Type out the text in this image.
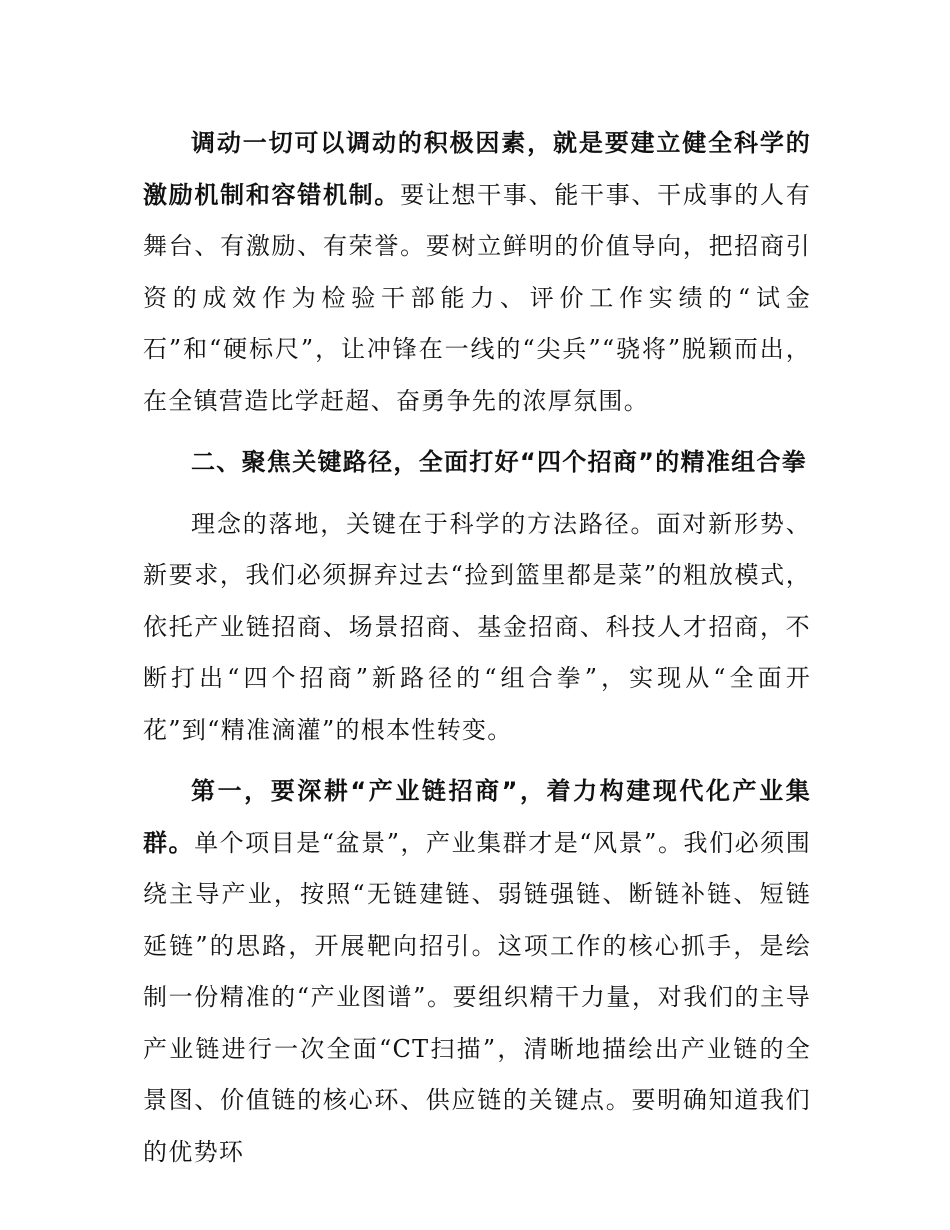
调动一切可以调动的积极因素，就是要建立健全科学的激励机制和容错机制。要让想干事、能干事、干成事的人有舞台、有激励、有荣誉。要树立鲜明的价值导向，把招商引资的成效作为检验干部能力、评价工作实绩的“试金石”和“硬标尺”，让冲锋在一线的“尖兵”“骁将”脱颖而出，在全镇营造比学赶超、奋勇争先的浓厚氛围。

二、聚焦关键路径，全面打好“四个招商”的精准组合拳

理念的落地，关键在于科学的方法路径。面对新形势、新要求，我们必须摒弃过去“捡到篮里都是菜”的粗放模式，依托产业链招商、场景招商、基金招商、科技人才招商，不断打出“四个招商”新路径的“组合拳”，实现从“全面开花”到“精准滴灌”的根本性转变。

第一，要深耕“产业链招商”，着力构建现代化产业集群。单个项目是“盆景”，产业集群才是“风景”。我们必须围绕主导产业，按照“无链建链、弱链强链、断链补链、短链延链”的思路，开展靶向招引。这项工作的核心抓手，是绘制一份精准的“产业图谱”。要组织精干力量，对我们的主导产业链进行一次全面“CT扫描”，清晰地描绘出产业链的全景图、价值链的核心环、供应链的关键点。要明确知道我们的优势环
